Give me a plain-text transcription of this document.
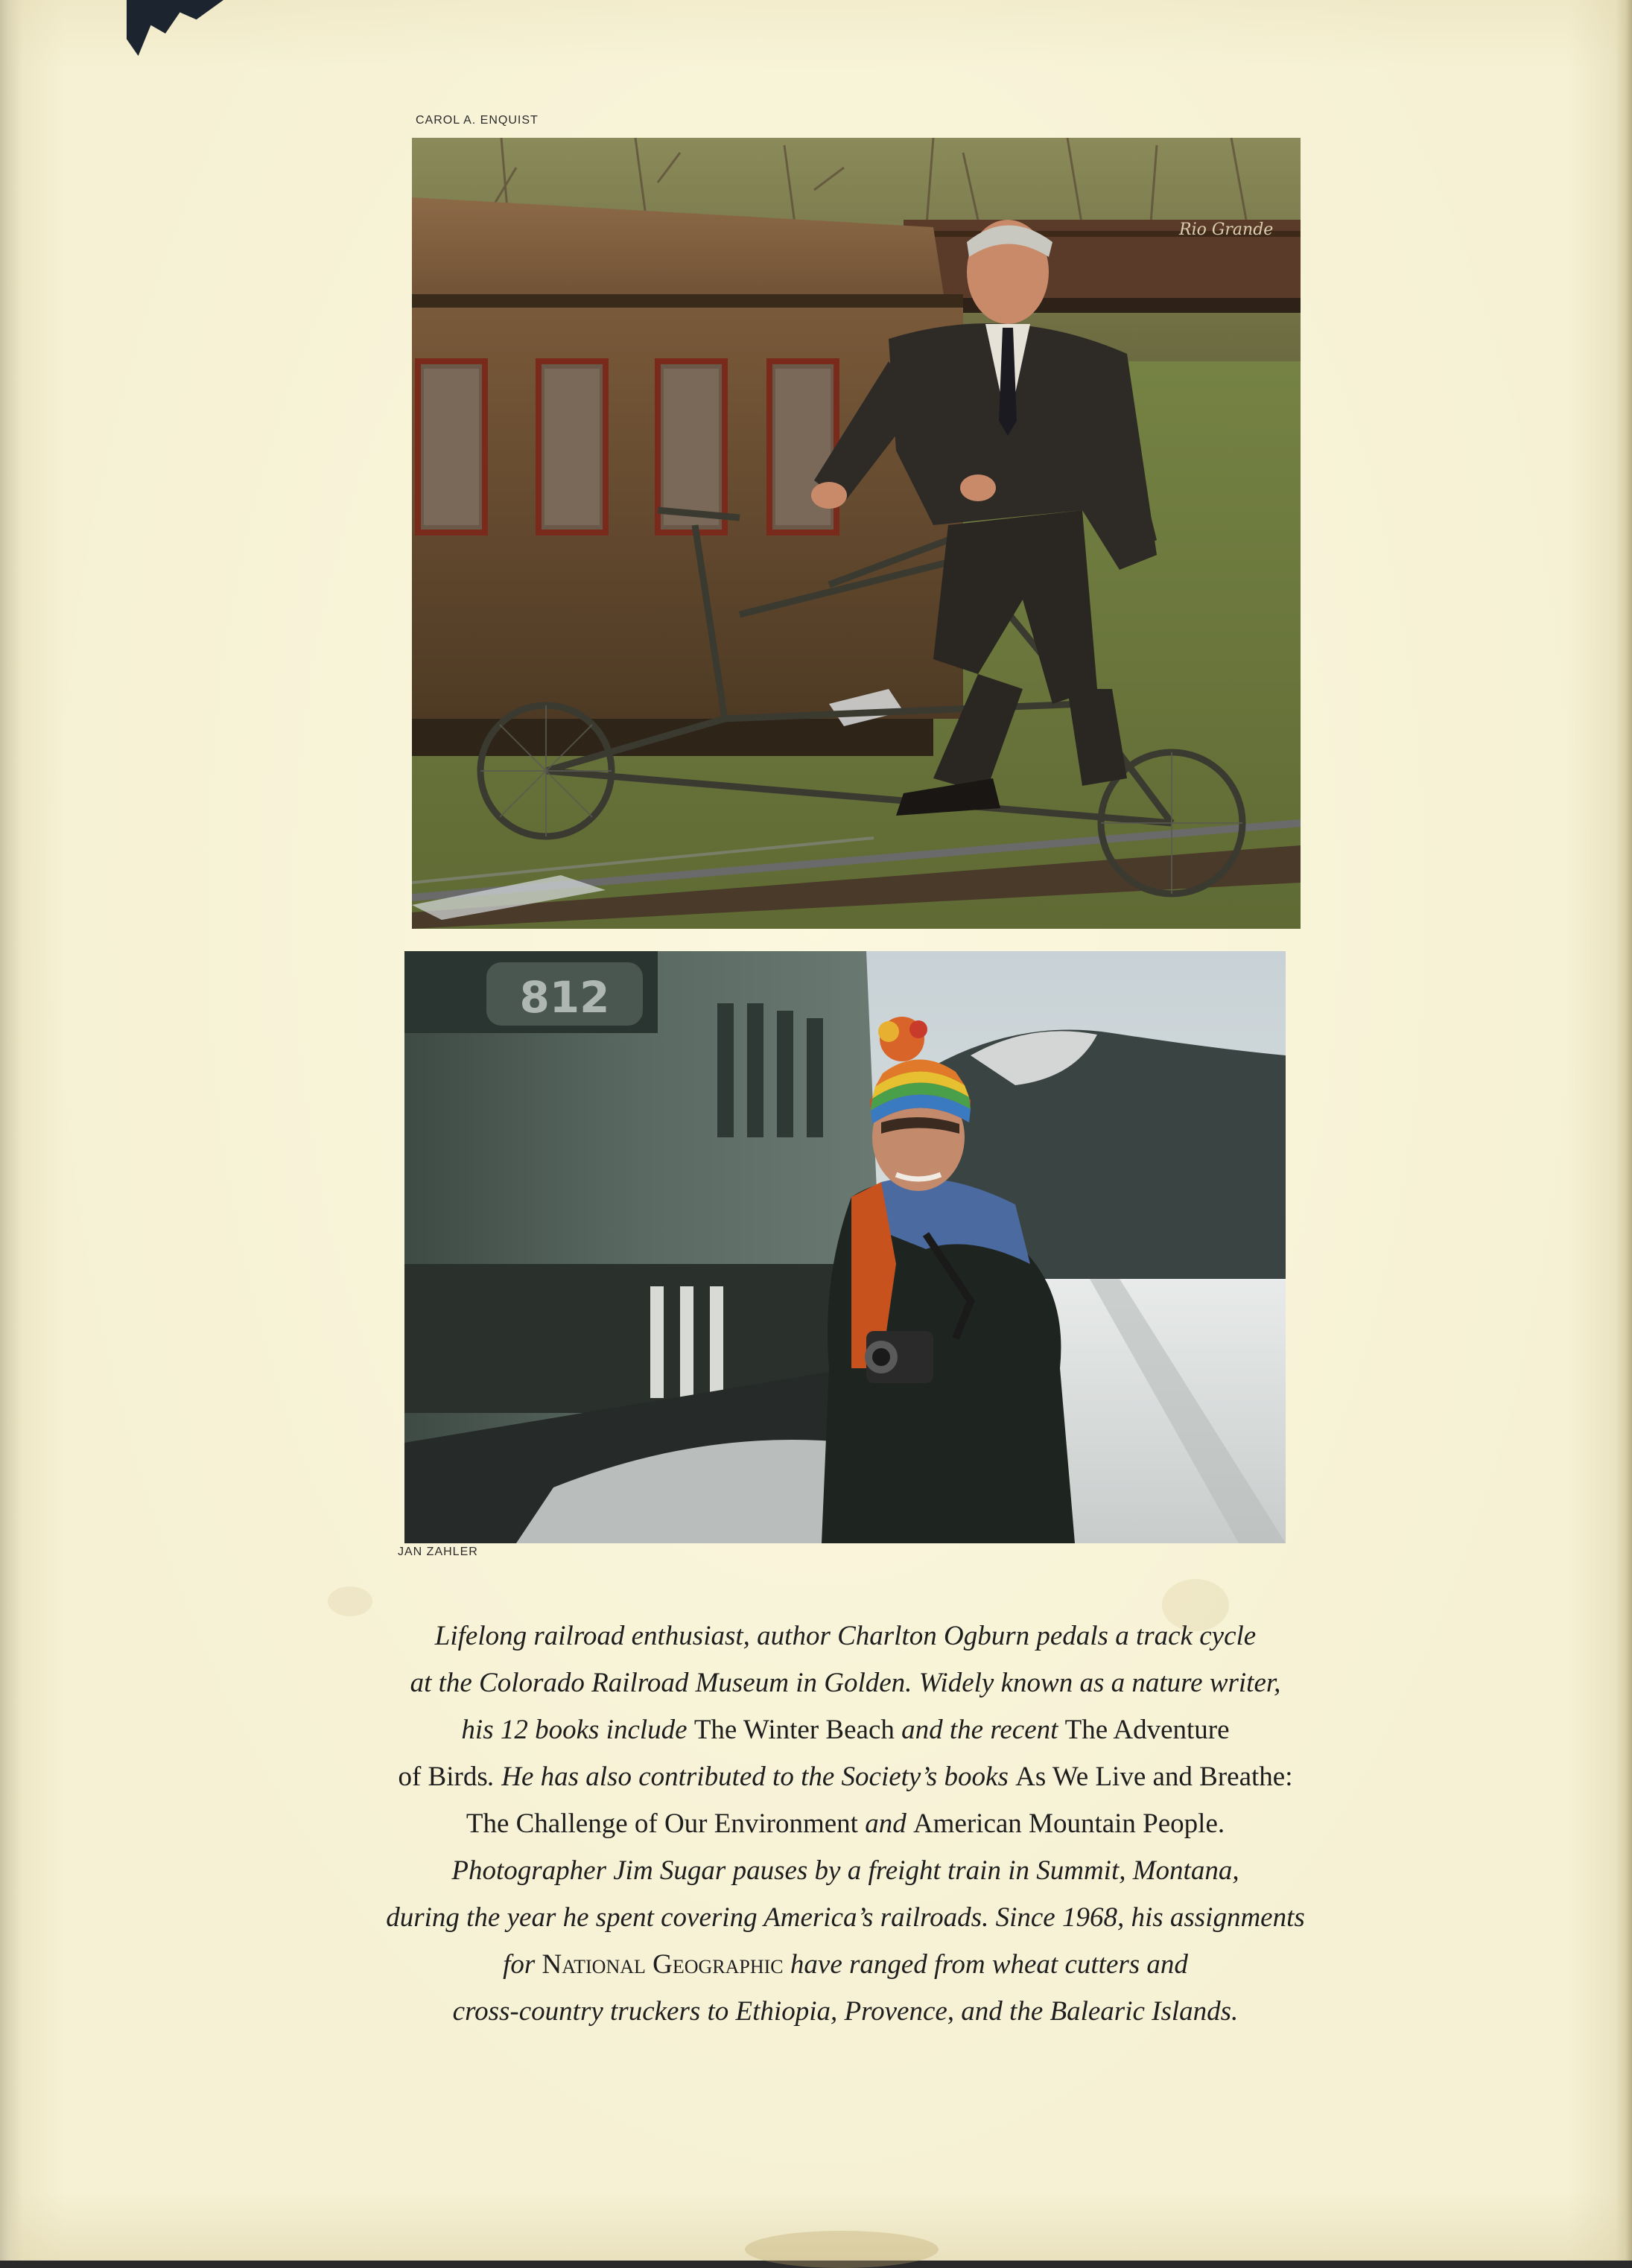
CAROL A. ENQUIST
Rio Grande
812
JAN ZAHLER
Lifelong railroad enthusiast, author Charlton Ogburn pedals a track cycle
at the Colorado Railroad Museum in Golden. Widely known as a nature writer,
his 12 books include The Winter Beach and the recent The Adventure
of Birds. He has also contributed to the Society’s books As We Live and Breathe:
The Challenge of Our Environment and American Mountain People.
Photographer Jim Sugar pauses by a freight train in Summit, Montana,
during the year he spent covering America’s railroads. Since 1968, his assignments
for National Geographic have ranged from wheat cutters and
cross-country truckers to Ethiopia, Provence, and the Balearic Islands.
